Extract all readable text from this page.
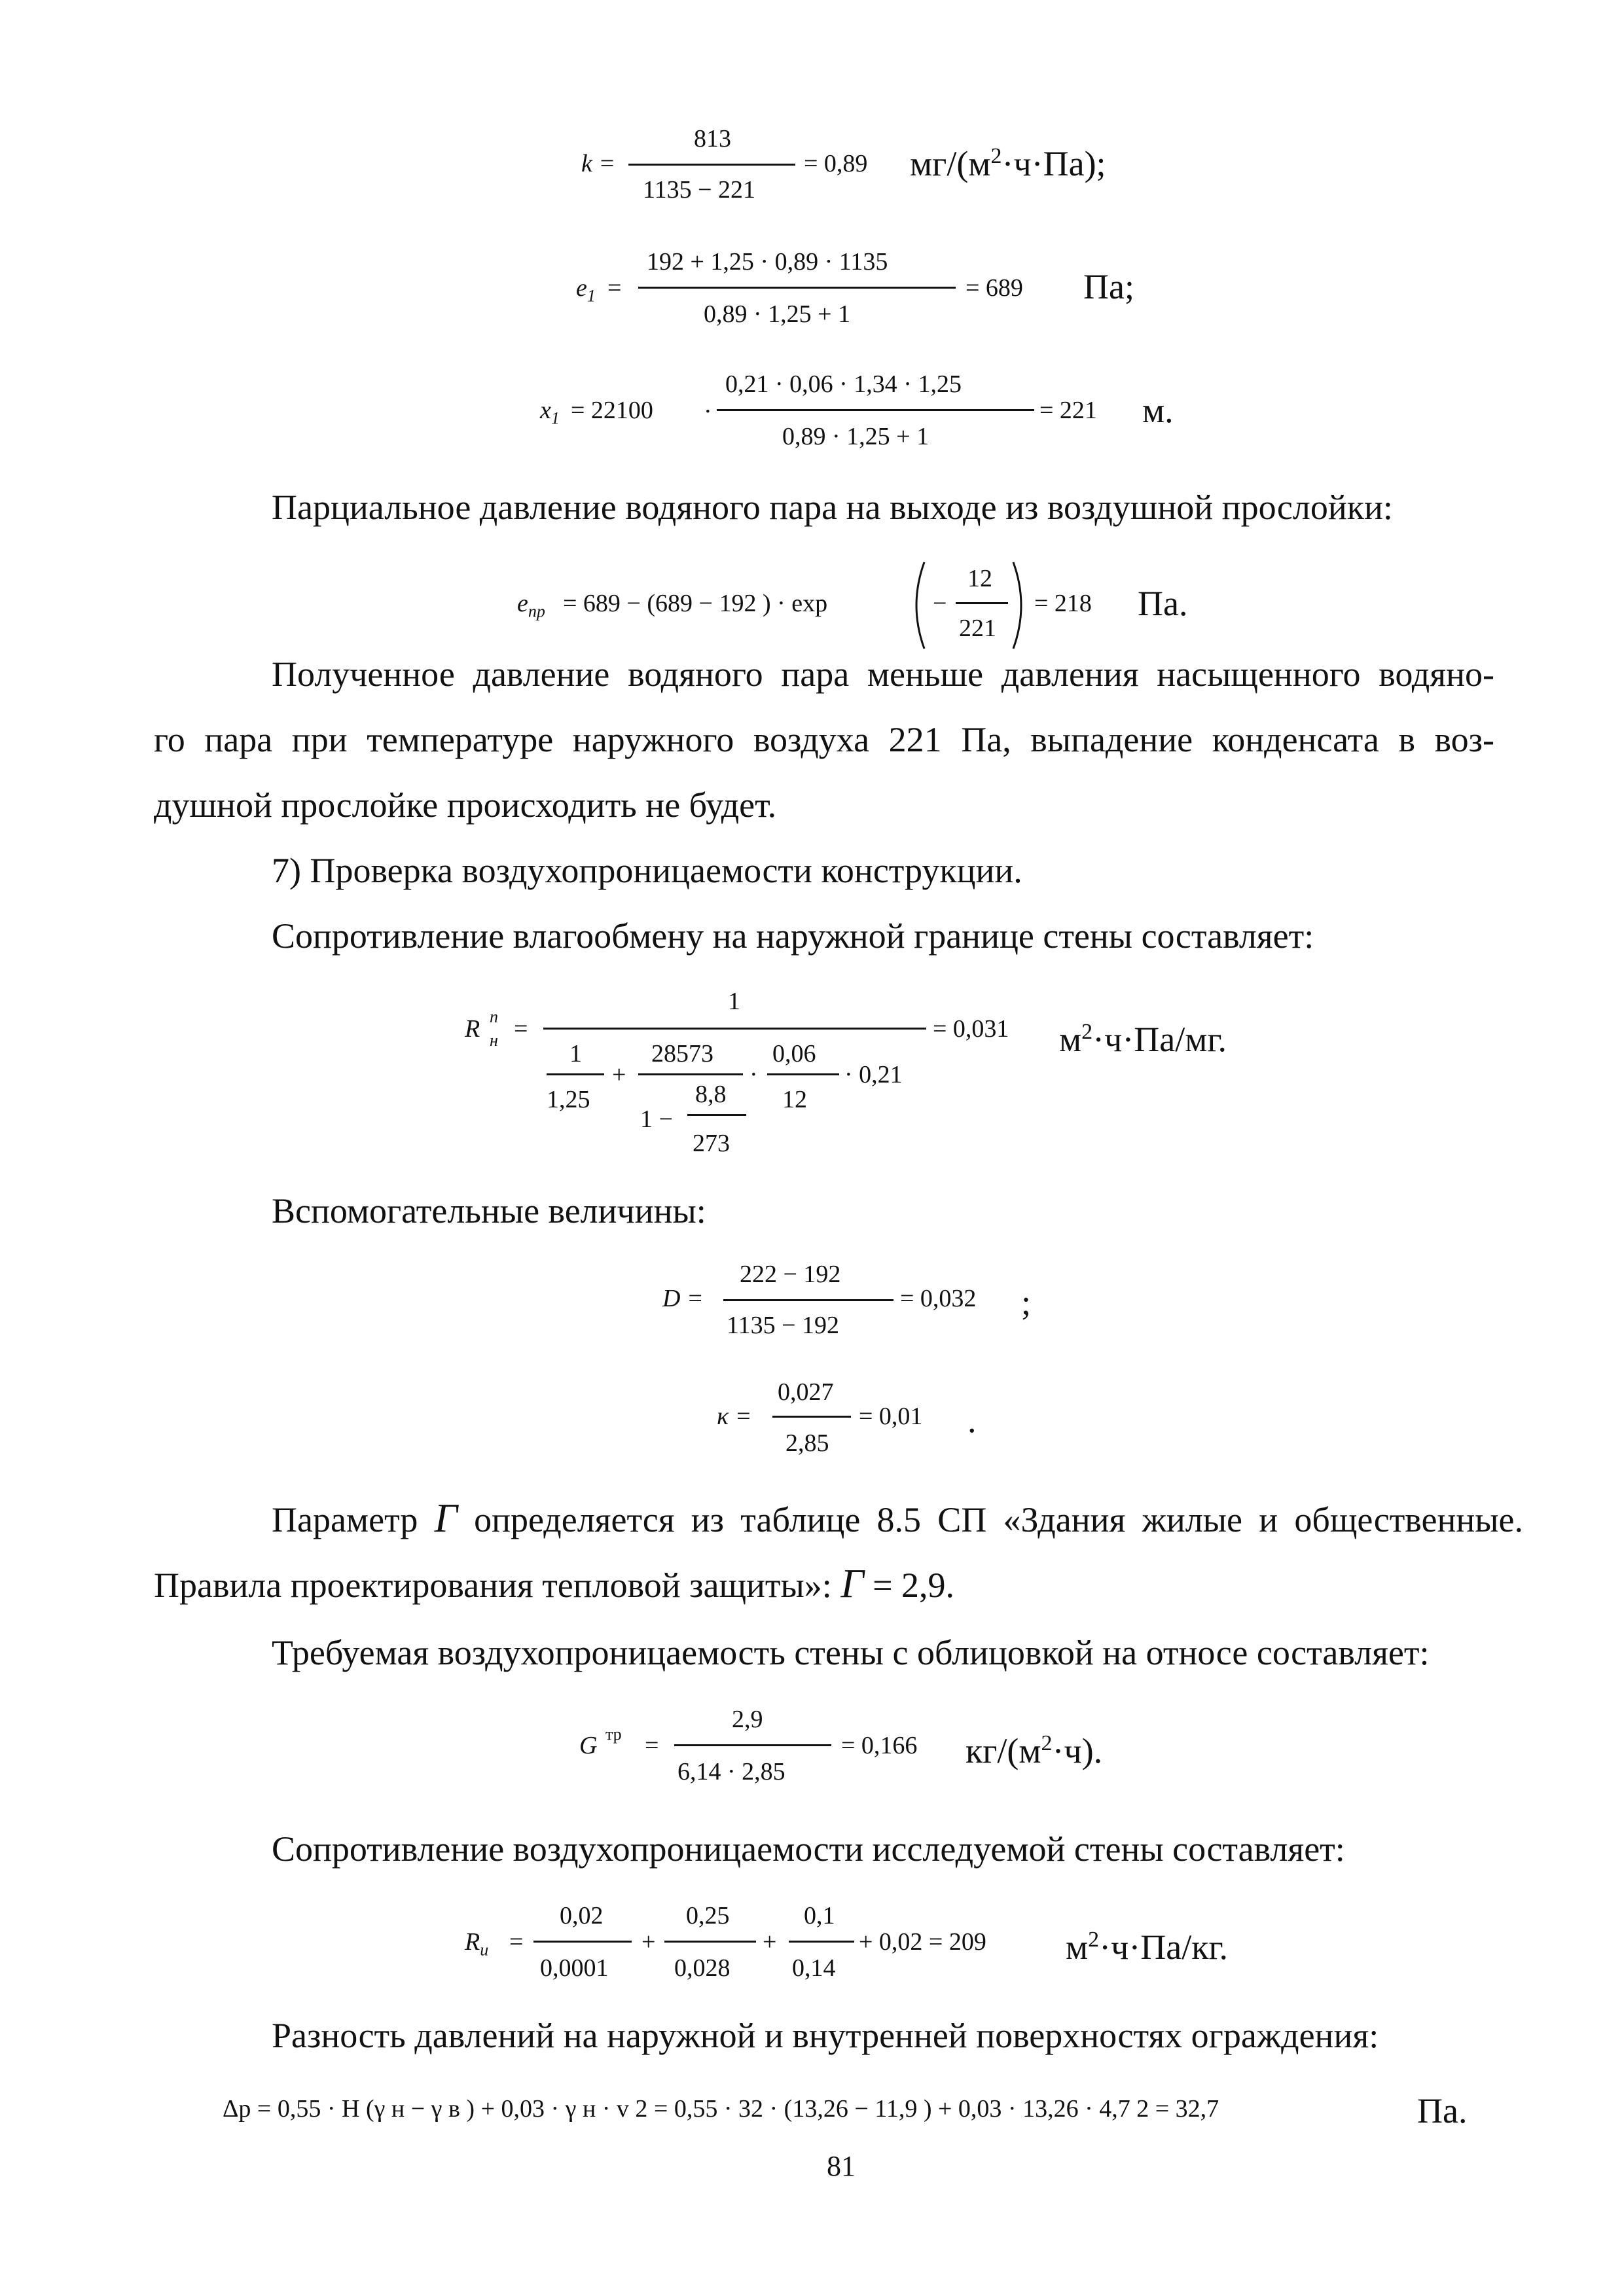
k =
813
1135 − 221
= 0,89 $мг/(м^2\cdot ч\cdot Па)$;
$e_1$ =
192 + 1,25 · 0,89 · 1135
0,89 · 1,25 + 1
= 689 Па;
$x_1 = 22100$ ·
0,21 · 0,06 · 1,34 · 1,25
0,89 · 1,25 + 1
= 221 м.
Парциальное давление водяного пара на выходе из воздушной прослойки:
$e_{пр} = 689 - (689 - 192$ ) · exp	−
12
221
= 218 Па.
Полученное давление водяного пара меньше давления насыщенного водяно-
го пара при температуре наружного воздуха 221 Па, выпадение конденсата в воз-
душной прослойке происходить не будет.
7) Проверка воздухопроницаемости конструкции.
Сопротивление влагообмену на наружной границе стены составляет:
R п
н =
1
1
1,25
+
28573
1 −
8,8
273
·
0,06
12
· 0,21
= 0,031 $м^2\cdot ч\cdot Па/мг$.
Вспомогательные величины:
D =
222 − 192
1135 − 192
= 0,032 ;
κ =
0,027
2,85
= 0,01 .
Параметр Г определяется из таблице 8.5 СП «Здания жилые и общественные.
Правила проектирования тепловой защиты»: Г = 2,9.
Требуемая воздухопроницаемость стены с облицовкой на относе составляет:
G тр =
2,9
6,14 · 2,85
= 0,166 $кг/(м^2\cdot ч)$.
Сопротивление воздухопроницаемости исследуемой стены составляет:
$R_u$ =
0,02
0,0001
+
0,25
0,028
+
0,1
0,14
+ 0,02 = 209 $м^2\cdot ч\cdot Па/кг$.
Разность давлений на наружной и внутренней поверхностях ограждения:
Δp = 0,55 · H (γ н − γ в ) + 0,03 · γ н · v 2 = 0,55 · 32 · (13,26 − 11,9 ) + 0,03 · 13,26 · 4,7 2 = 32,7	Па.
81
